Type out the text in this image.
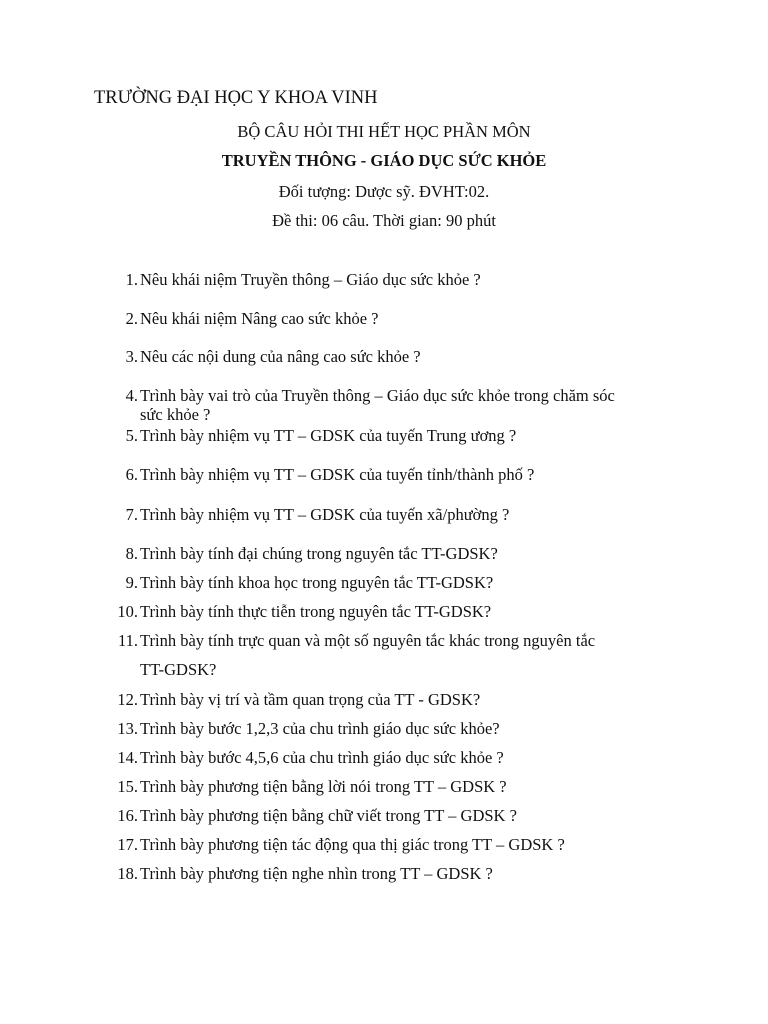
TRƯỜNG ĐẠI HỌC Y KHOA VINH
BỘ CÂU HỎI THI HẾT HỌC PHẦN MÔN
TRUYỀN THÔNG - GIÁO DỤC SỨC KHỎE
Đối tượng: Dược sỹ. ĐVHT:02.
Đề thi: 06 câu. Thời gian: 90 phút
1. Nêu khái niệm Truyền thông – Giáo dục sức khỏe ?
2. Nêu khái niệm Nâng cao sức khỏe ?
3. Nêu các nội dung của nâng cao sức khỏe ?
4. Trình bày vai trò của Truyền thông – Giáo dục sức khỏe trong chăm sóc
sức khỏe ?
5. Trình bày nhiệm vụ TT – GDSK của tuyến Trung ương ?
6. Trình bày nhiệm vụ TT – GDSK của tuyến tỉnh/thành phố ?
7. Trình bày nhiệm vụ TT – GDSK của tuyến xã/phường ?
8. Trình bày tính đại chúng trong nguyên tắc TT-GDSK?
9. Trình bày tính khoa học trong nguyên tắc TT-GDSK?
10. Trình bày tính thực tiễn trong nguyên tắc TT-GDSK?
11. Trình bày tính trực quan và một số nguyên tắc khác trong nguyên tắc
TT-GDSK?
12. Trình bày vị trí và tầm quan trọng của TT - GDSK?
13. Trình bày bước 1,2,3 của chu trình giáo dục sức khỏe?
14. Trình bày bước 4,5,6 của chu trình giáo dục sức khỏe ?
15. Trình bày phương tiện bằng lời nói trong TT – GDSK ?
16. Trình bày phương tiện bằng chữ viết trong TT – GDSK ?
17. Trình bày phương tiện tác động qua thị giác trong TT – GDSK ?
18. Trình bày phương tiện nghe nhìn trong TT – GDSK ?
